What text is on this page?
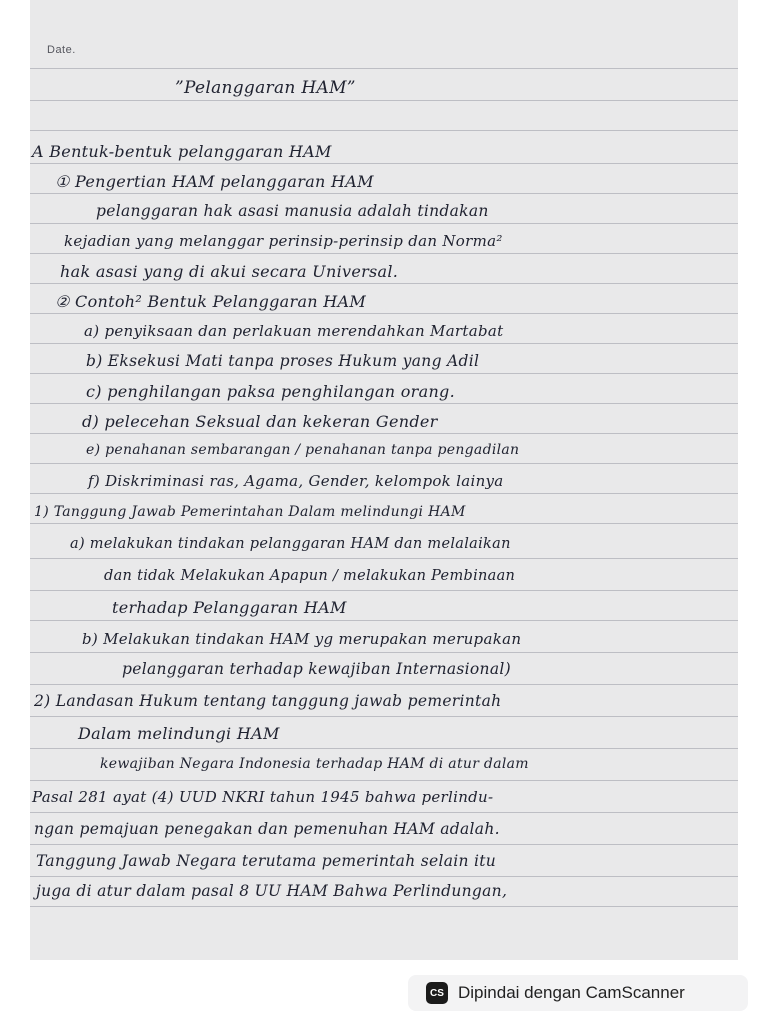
Date.
”Pelanggaran HAM”
A Bentuk-bentuk pelanggaran HAM
① Pengertian HAM pelanggaran HAM
pelanggaran hak asasi manusia adalah tindakan
kejadian yang melanggar perinsip-perinsip dan Norma²
hak asasi yang di akui secara Universal.
② Contoh² Bentuk Pelanggaran HAM
a) penyiksaan dan perlakuan merendahkan Martabat
b) Eksekusi Mati tanpa proses Hukum yang Adil
c) penghilangan paksa penghilangan orang.
d) pelecehan Seksual dan kekeran Gender
e) penahanan sembarangan / penahanan tanpa pengadilan
f) Diskriminasi ras, Agama, Gender, kelompok lainya
1) Tanggung Jawab Pemerintahan Dalam melindungi HAM
a) melakukan tindakan pelanggaran HAM dan melalaikan
dan tidak Melakukan Apapun / melakukan Pembinaan
terhadap Pelanggaran HAM
b) Melakukan tindakan HAM yg merupakan merupakan
pelanggaran terhadap kewajiban Internasional)
2) Landasan Hukum tentang tanggung jawab pemerintah
Dalam melindungi HAM
kewajiban Negara Indonesia terhadap HAM di atur dalam
Pasal 281 ayat (4) UUD NKRI tahun 1945 bahwa perlindu-
ngan pemajuan penegakan dan pemenuhan HAM adalah.
Tanggung Jawab Negara terutama pemerintah selain itu
juga di atur dalam pasal 8 UU HAM Bahwa Perlindungan,
CS Dipindai dengan CamScanner
